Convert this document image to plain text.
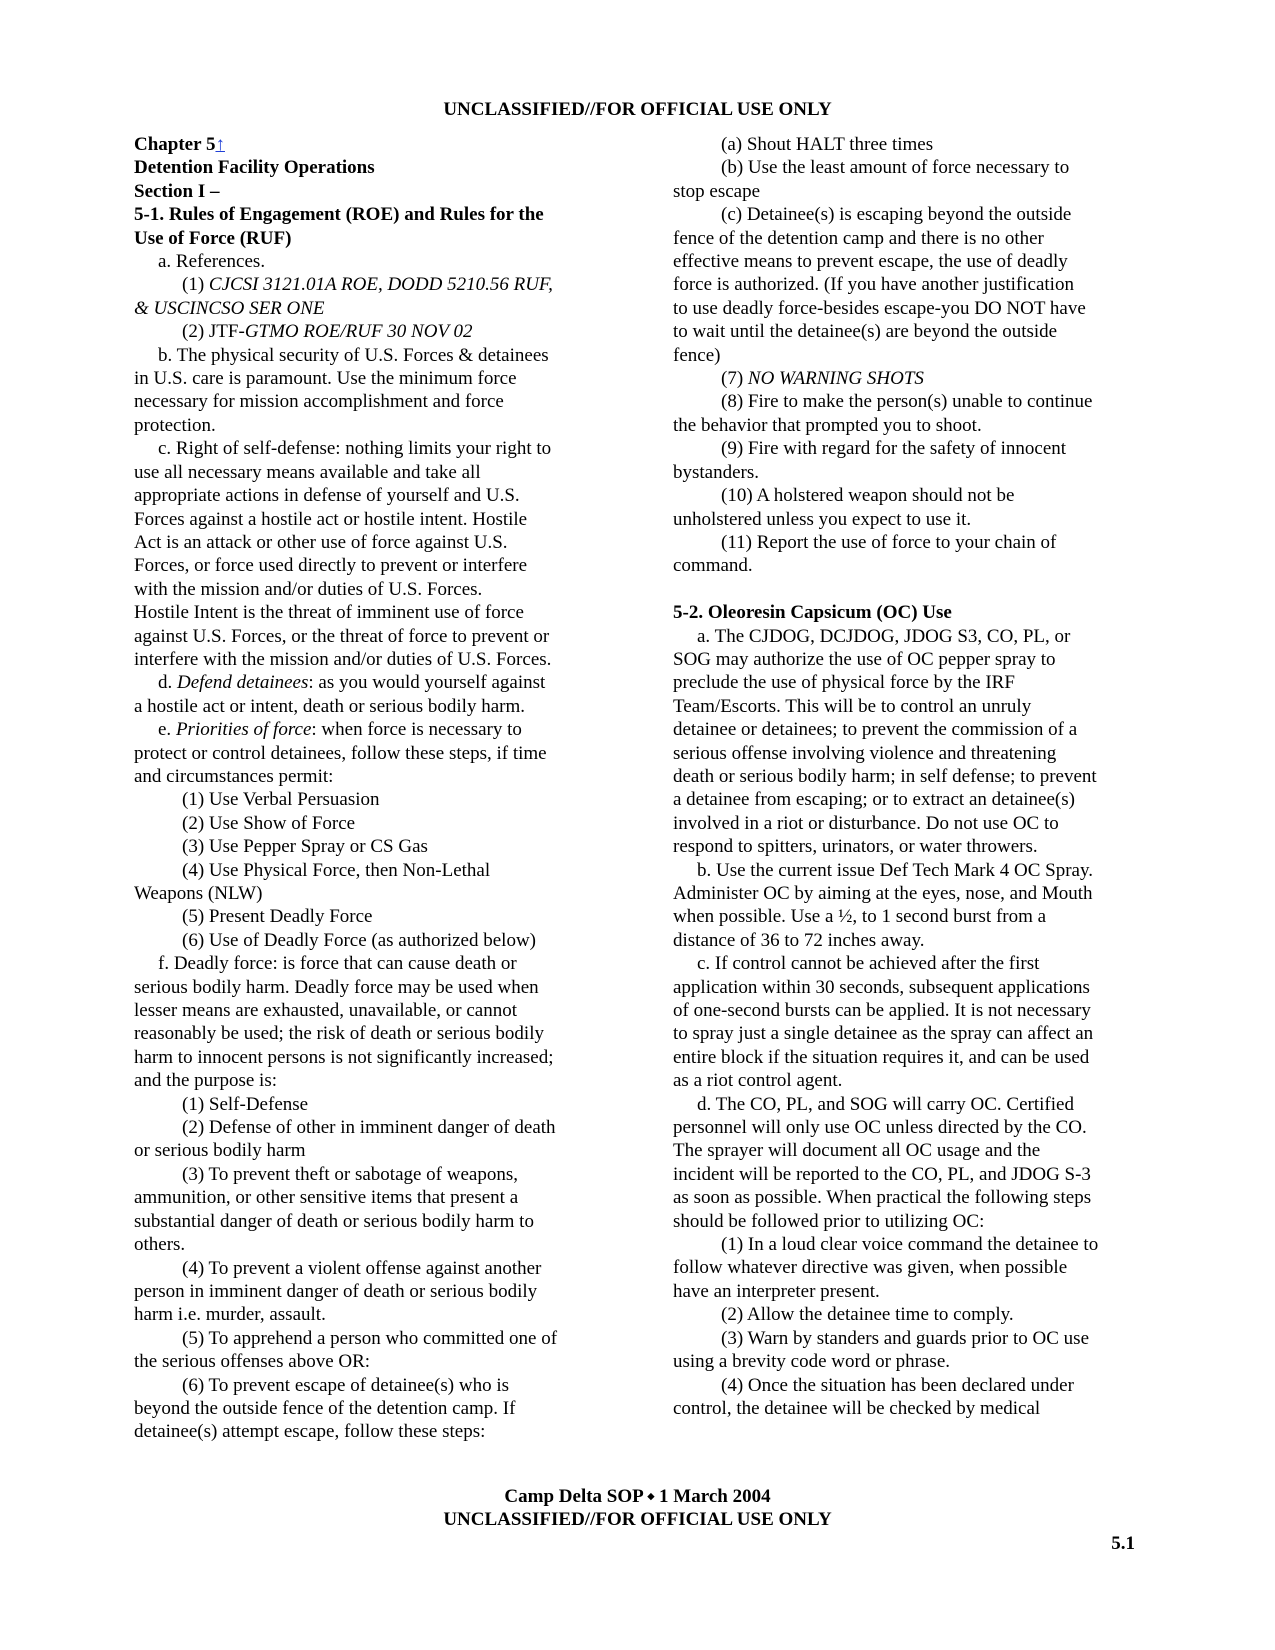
UNCLASSIFIED//FOR OFFICIAL USE ONLY

Chapter 5↑

Detention Facility Operations

Section I –

5-1. Rules of Engagement (ROE) and Rules for the

Use of Force (RUF)

a. References.

(1) CJCSI 3121.01A ROE, DODD 5210.56 RUF,

& USCINCSO SER ONE

(2) JTF-GTMO ROE/RUF 30 NOV 02

b. The physical security of U.S. Forces & detainees

in U.S. care is paramount. Use the minimum force

necessary for mission accomplishment and force

protection.

c. Right of self-defense: nothing limits your right to

use all necessary means available and take all

appropriate actions in defense of yourself and U.S.

Forces against a hostile act or hostile intent. Hostile

Act is an attack or other use of force against U.S.

Forces, or force used directly to prevent or interfere

with the mission and/or duties of U.S. Forces.

Hostile Intent is the threat of imminent use of force

against U.S. Forces, or the threat of force to prevent or

interfere with the mission and/or duties of U.S. Forces.

d. Defend detainees: as you would yourself against

a hostile act or intent, death or serious bodily harm.

e. Priorities of force: when force is necessary to

protect or control detainees, follow these steps, if time

and circumstances permit:

(1) Use Verbal Persuasion

(2) Use Show of Force

(3) Use Pepper Spray or CS Gas

(4) Use Physical Force, then Non-Lethal

Weapons (NLW)

(5) Present Deadly Force

(6) Use of Deadly Force (as authorized below)

f. Deadly force: is force that can cause death or

serious bodily harm. Deadly force may be used when

lesser means are exhausted, unavailable, or cannot

reasonably be used; the risk of death or serious bodily

harm to innocent persons is not significantly increased;

and the purpose is:

(1) Self-Defense

(2) Defense of other in imminent danger of death

or serious bodily harm

(3) To prevent theft or sabotage of weapons,

ammunition, or other sensitive items that present a

substantial danger of death or serious bodily harm to

others.

(4) To prevent a violent offense against another

person in imminent danger of death or serious bodily

harm i.e. murder, assault.

(5) To apprehend a person who committed one of

the serious offenses above OR:

(6) To prevent escape of detainee(s) who is

beyond the outside fence of the detention camp. If

detainee(s) attempt escape, follow these steps:

(a) Shout HALT three times

(b) Use the least amount of force necessary to

stop escape

(c) Detainee(s) is escaping beyond the outside

fence of the detention camp and there is no other

effective means to prevent escape, the use of deadly

force is authorized. (If you have another justification

to use deadly force-besides escape-you DO NOT have

to wait until the detainee(s) are beyond the outside

fence)

(7) NO WARNING SHOTS

(8) Fire to make the person(s) unable to continue

the behavior that prompted you to shoot.

(9) Fire with regard for the safety of innocent

bystanders.

(10) A holstered weapon should not be

unholstered unless you expect to use it.

(11) Report the use of force to your chain of

command.

5-2. Oleoresin Capsicum (OC) Use

a. The CJDOG, DCJDOG, JDOG S3, CO, PL, or

SOG may authorize the use of OC pepper spray to

preclude the use of physical force by the IRF

Team/Escorts. This will be to control an unruly

detainee or detainees; to prevent the commission of a

serious offense involving violence and threatening

death or serious bodily harm; in self defense; to prevent

a detainee from escaping; or to extract an detainee(s)

involved in a riot or disturbance. Do not use OC to

respond to spitters, urinators, or water throwers.

b. Use the current issue Def Tech Mark 4 OC Spray.

Administer OC by aiming at the eyes, nose, and Mouth

when possible. Use a ½, to 1 second burst from a

distance of 36 to 72 inches away.

c. If control cannot be achieved after the first

application within 30 seconds, subsequent applications

of one-second bursts can be applied. It is not necessary

to spray just a single detainee as the spray can affect an

entire block if the situation requires it, and can be used

as a riot control agent.

d. The CO, PL, and SOG will carry OC. Certified

personnel will only use OC unless directed by the CO.

The sprayer will document all OC usage and the

incident will be reported to the CO, PL, and JDOG S-3

as soon as possible. When practical the following steps

should be followed prior to utilizing OC:

(1) In a loud clear voice command the detainee to

follow whatever directive was given, when possible

have an interpreter present.

(2) Allow the detainee time to comply.

(3) Warn by standers and guards prior to OC use

using a brevity code word or phrase.

(4) Once the situation has been declared under

control, the detainee will be checked by medical

Camp Delta SOP ⬩ 1 March 2004
UNCLASSIFIED//FOR OFFICIAL USE ONLY
5.1
